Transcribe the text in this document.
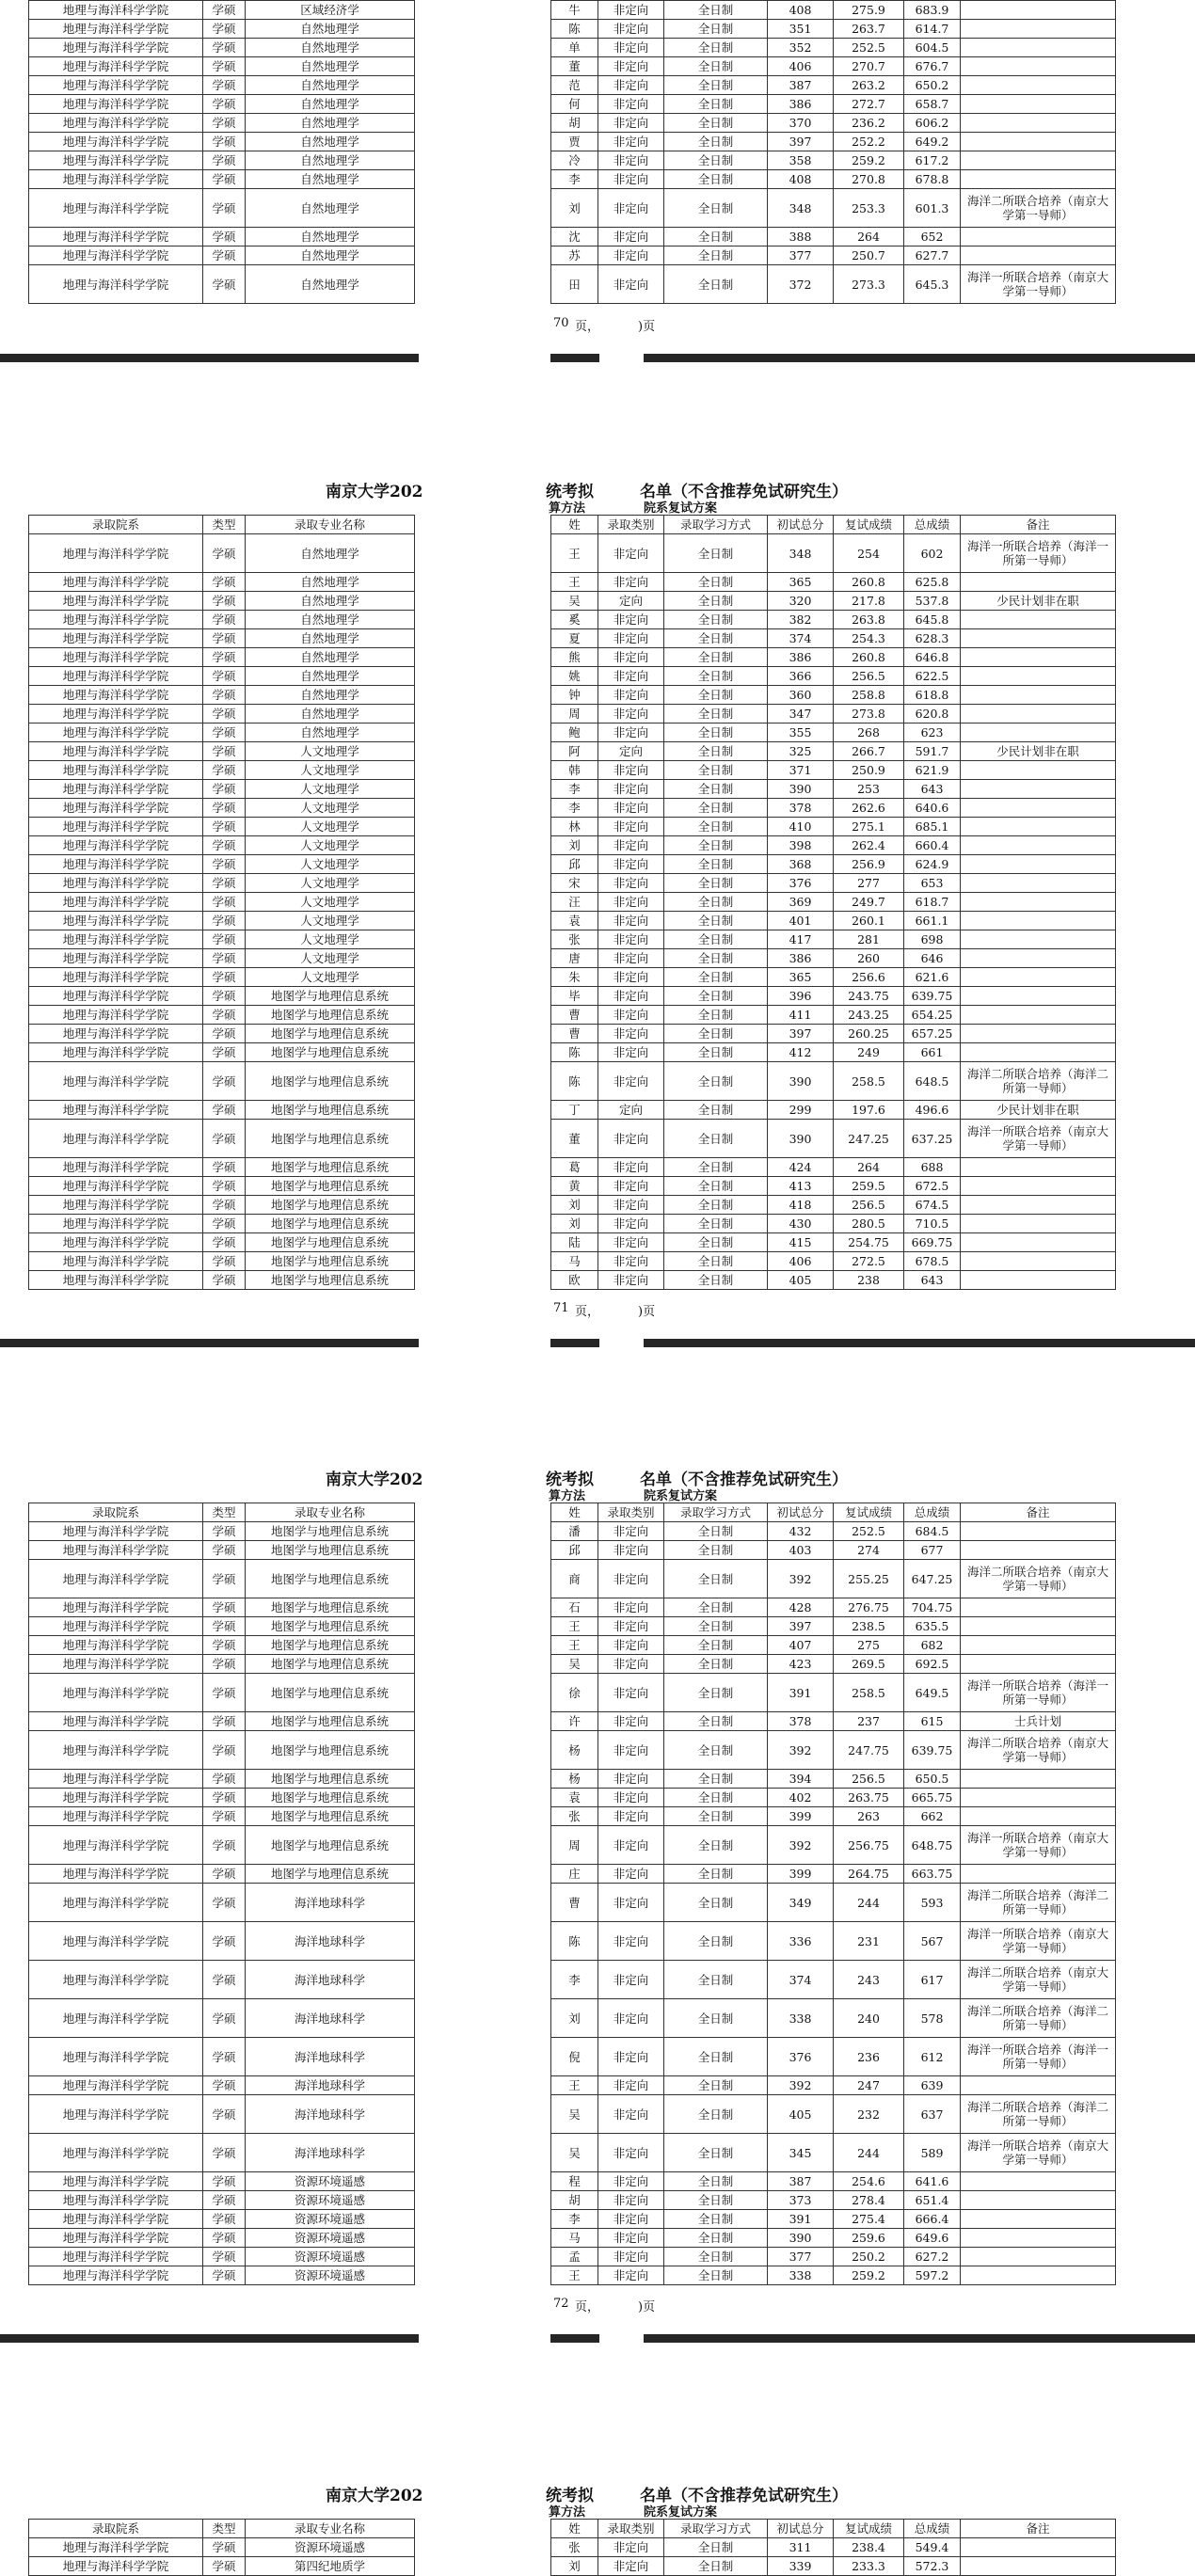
地理与海洋科学学院	学硕	区域经济学
地理与海洋科学学院	学硕	自然地理学
地理与海洋科学学院	学硕	自然地理学
地理与海洋科学学院	学硕	自然地理学
地理与海洋科学学院	学硕	自然地理学
地理与海洋科学学院	学硕	自然地理学
地理与海洋科学学院	学硕	自然地理学
地理与海洋科学学院	学硕	自然地理学
地理与海洋科学学院	学硕	自然地理学
地理与海洋科学学院	学硕	自然地理学
地理与海洋科学学院	学硕	自然地理学
地理与海洋科学学院	学硕	自然地理学
地理与海洋科学学院	学硕	自然地理学
地理与海洋科学学院	学硕	自然地理学
牛	非定向	全日制	408	275.9	683.9	
陈	非定向	全日制	351	263.7	614.7	
单	非定向	全日制	352	252.5	604.5	
董	非定向	全日制	406	270.7	676.7	
范	非定向	全日制	387	263.2	650.2	
何	非定向	全日制	386	272.7	658.7	
胡	非定向	全日制	370	236.2	606.2	
贾	非定向	全日制	397	252.2	649.2	
冷	非定向	全日制	358	259.2	617.2	
李	非定向	全日制	408	270.8	678.8	
刘	非定向	全日制	348	253.3	601.3	海洋二所联合培养（南京大学第一导师）
沈	非定向	全日制	388	264	652	
苏	非定向	全日制	377	250.7	627.7	
田	非定向	全日制	372	273.3	645.3	海洋一所联合培养（南京大学第一导师）
70 页，	)页
南京大学202	统考拟	名单（不含推荐免试研究生）
算方法	院系复试方案
录取院系	类型	录取专业名称
地理与海洋科学学院	学硕	自然地理学
地理与海洋科学学院	学硕	自然地理学
地理与海洋科学学院	学硕	自然地理学
地理与海洋科学学院	学硕	自然地理学
地理与海洋科学学院	学硕	自然地理学
地理与海洋科学学院	学硕	自然地理学
地理与海洋科学学院	学硕	自然地理学
地理与海洋科学学院	学硕	自然地理学
地理与海洋科学学院	学硕	自然地理学
地理与海洋科学学院	学硕	自然地理学
地理与海洋科学学院	学硕	人文地理学
地理与海洋科学学院	学硕	人文地理学
地理与海洋科学学院	学硕	人文地理学
地理与海洋科学学院	学硕	人文地理学
地理与海洋科学学院	学硕	人文地理学
地理与海洋科学学院	学硕	人文地理学
地理与海洋科学学院	学硕	人文地理学
地理与海洋科学学院	学硕	人文地理学
地理与海洋科学学院	学硕	人文地理学
地理与海洋科学学院	学硕	人文地理学
地理与海洋科学学院	学硕	人文地理学
地理与海洋科学学院	学硕	人文地理学
地理与海洋科学学院	学硕	人文地理学
地理与海洋科学学院	学硕	地图学与地理信息系统
地理与海洋科学学院	学硕	地图学与地理信息系统
地理与海洋科学学院	学硕	地图学与地理信息系统
地理与海洋科学学院	学硕	地图学与地理信息系统
地理与海洋科学学院	学硕	地图学与地理信息系统
地理与海洋科学学院	学硕	地图学与地理信息系统
地理与海洋科学学院	学硕	地图学与地理信息系统
地理与海洋科学学院	学硕	地图学与地理信息系统
地理与海洋科学学院	学硕	地图学与地理信息系统
地理与海洋科学学院	学硕	地图学与地理信息系统
地理与海洋科学学院	学硕	地图学与地理信息系统
地理与海洋科学学院	学硕	地图学与地理信息系统
地理与海洋科学学院	学硕	地图学与地理信息系统
地理与海洋科学学院	学硕	地图学与地理信息系统
姓	录取类别	录取学习方式	初试总分	复试成绩	总成绩	备注
王	非定向	全日制	348	254	602	海洋一所联合培养（海洋一所第一导师）
王	非定向	全日制	365	260.8	625.8	
吴	定向	全日制	320	217.8	537.8	少民计划非在职
奚	非定向	全日制	382	263.8	645.8	
夏	非定向	全日制	374	254.3	628.3	
熊	非定向	全日制	386	260.8	646.8	
姚	非定向	全日制	366	256.5	622.5	
钟	非定向	全日制	360	258.8	618.8	
周	非定向	全日制	347	273.8	620.8	
鲍	非定向	全日制	355	268	623	
阿	定向	全日制	325	266.7	591.7	少民计划非在职
韩	非定向	全日制	371	250.9	621.9	
李	非定向	全日制	390	253	643	
李	非定向	全日制	378	262.6	640.6	
林	非定向	全日制	410	275.1	685.1	
刘	非定向	全日制	398	262.4	660.4	
邱	非定向	全日制	368	256.9	624.9	
宋	非定向	全日制	376	277	653	
汪	非定向	全日制	369	249.7	618.7	
袁	非定向	全日制	401	260.1	661.1	
张	非定向	全日制	417	281	698	
唐	非定向	全日制	386	260	646	
朱	非定向	全日制	365	256.6	621.6	
毕	非定向	全日制	396	243.75	639.75	
曹	非定向	全日制	411	243.25	654.25	
曹	非定向	全日制	397	260.25	657.25	
陈	非定向	全日制	412	249	661	
陈	非定向	全日制	390	258.5	648.5	海洋二所联合培养（海洋二所第一导师）
丁	定向	全日制	299	197.6	496.6	少民计划非在职
董	非定向	全日制	390	247.25	637.25	海洋一所联合培养（南京大学第一导师）
葛	非定向	全日制	424	264	688	
黄	非定向	全日制	413	259.5	672.5	
刘	非定向	全日制	418	256.5	674.5	
刘	非定向	全日制	430	280.5	710.5	
陆	非定向	全日制	415	254.75	669.75	
马	非定向	全日制	406	272.5	678.5	
欧	非定向	全日制	405	238	643	
71 页，	)页
南京大学202	统考拟	名单（不含推荐免试研究生）
算方法	院系复试方案
录取院系	类型	录取专业名称
地理与海洋科学学院	学硕	地图学与地理信息系统
地理与海洋科学学院	学硕	地图学与地理信息系统
地理与海洋科学学院	学硕	地图学与地理信息系统
地理与海洋科学学院	学硕	地图学与地理信息系统
地理与海洋科学学院	学硕	地图学与地理信息系统
地理与海洋科学学院	学硕	地图学与地理信息系统
地理与海洋科学学院	学硕	地图学与地理信息系统
地理与海洋科学学院	学硕	地图学与地理信息系统
地理与海洋科学学院	学硕	地图学与地理信息系统
地理与海洋科学学院	学硕	地图学与地理信息系统
地理与海洋科学学院	学硕	地图学与地理信息系统
地理与海洋科学学院	学硕	地图学与地理信息系统
地理与海洋科学学院	学硕	地图学与地理信息系统
地理与海洋科学学院	学硕	地图学与地理信息系统
地理与海洋科学学院	学硕	地图学与地理信息系统
地理与海洋科学学院	学硕	海洋地球科学
地理与海洋科学学院	学硕	海洋地球科学
地理与海洋科学学院	学硕	海洋地球科学
地理与海洋科学学院	学硕	海洋地球科学
地理与海洋科学学院	学硕	海洋地球科学
地理与海洋科学学院	学硕	海洋地球科学
地理与海洋科学学院	学硕	海洋地球科学
地理与海洋科学学院	学硕	海洋地球科学
地理与海洋科学学院	学硕	资源环境遥感
地理与海洋科学学院	学硕	资源环境遥感
地理与海洋科学学院	学硕	资源环境遥感
地理与海洋科学学院	学硕	资源环境遥感
地理与海洋科学学院	学硕	资源环境遥感
地理与海洋科学学院	学硕	资源环境遥感
姓	录取类别	录取学习方式	初试总分	复试成绩	总成绩	备注
潘	非定向	全日制	432	252.5	684.5	
邱	非定向	全日制	403	274	677	
商	非定向	全日制	392	255.25	647.25	海洋二所联合培养（南京大学第一导师）
石	非定向	全日制	428	276.75	704.75	
王	非定向	全日制	397	238.5	635.5	
王	非定向	全日制	407	275	682	
吴	非定向	全日制	423	269.5	692.5	
徐	非定向	全日制	391	258.5	649.5	海洋一所联合培养（海洋一所第一导师）
许	非定向	全日制	378	237	615	士兵计划
杨	非定向	全日制	392	247.75	639.75	海洋二所联合培养（南京大学第一导师）
杨	非定向	全日制	394	256.5	650.5	
袁	非定向	全日制	402	263.75	665.75	
张	非定向	全日制	399	263	662	
周	非定向	全日制	392	256.75	648.75	海洋一所联合培养（南京大学第一导师）
庄	非定向	全日制	399	264.75	663.75	
曹	非定向	全日制	349	244	593	海洋二所联合培养（海洋二所第一导师）
陈	非定向	全日制	336	231	567	海洋一所联合培养（南京大学第一导师）
李	非定向	全日制	374	243	617	海洋二所联合培养（南京大学第一导师）
刘	非定向	全日制	338	240	578	海洋二所联合培养（海洋二所第一导师）
倪	非定向	全日制	376	236	612	海洋一所联合培养（海洋一所第一导师）
王	非定向	全日制	392	247	639	
吴	非定向	全日制	405	232	637	海洋二所联合培养（海洋二所第一导师）
吴	非定向	全日制	345	244	589	海洋一所联合培养（南京大学第一导师）
程	非定向	全日制	387	254.6	641.6	
胡	非定向	全日制	373	278.4	651.4	
李	非定向	全日制	391	275.4	666.4	
马	非定向	全日制	390	259.6	649.6	
孟	非定向	全日制	377	250.2	627.2	
王	非定向	全日制	338	259.2	597.2	
72 页，	)页
南京大学202	统考拟	名单（不含推荐免试研究生）
算方法	院系复试方案
录取院系	类型	录取专业名称
地理与海洋科学学院	学硕	资源环境遥感
地理与海洋科学学院	学硕	第四纪地质学
姓	录取类别	录取学习方式	初试总分	复试成绩	总成绩	备注
张	非定向	全日制	311	238.4	549.4	
刘	非定向	全日制	339	233.3	572.3	
